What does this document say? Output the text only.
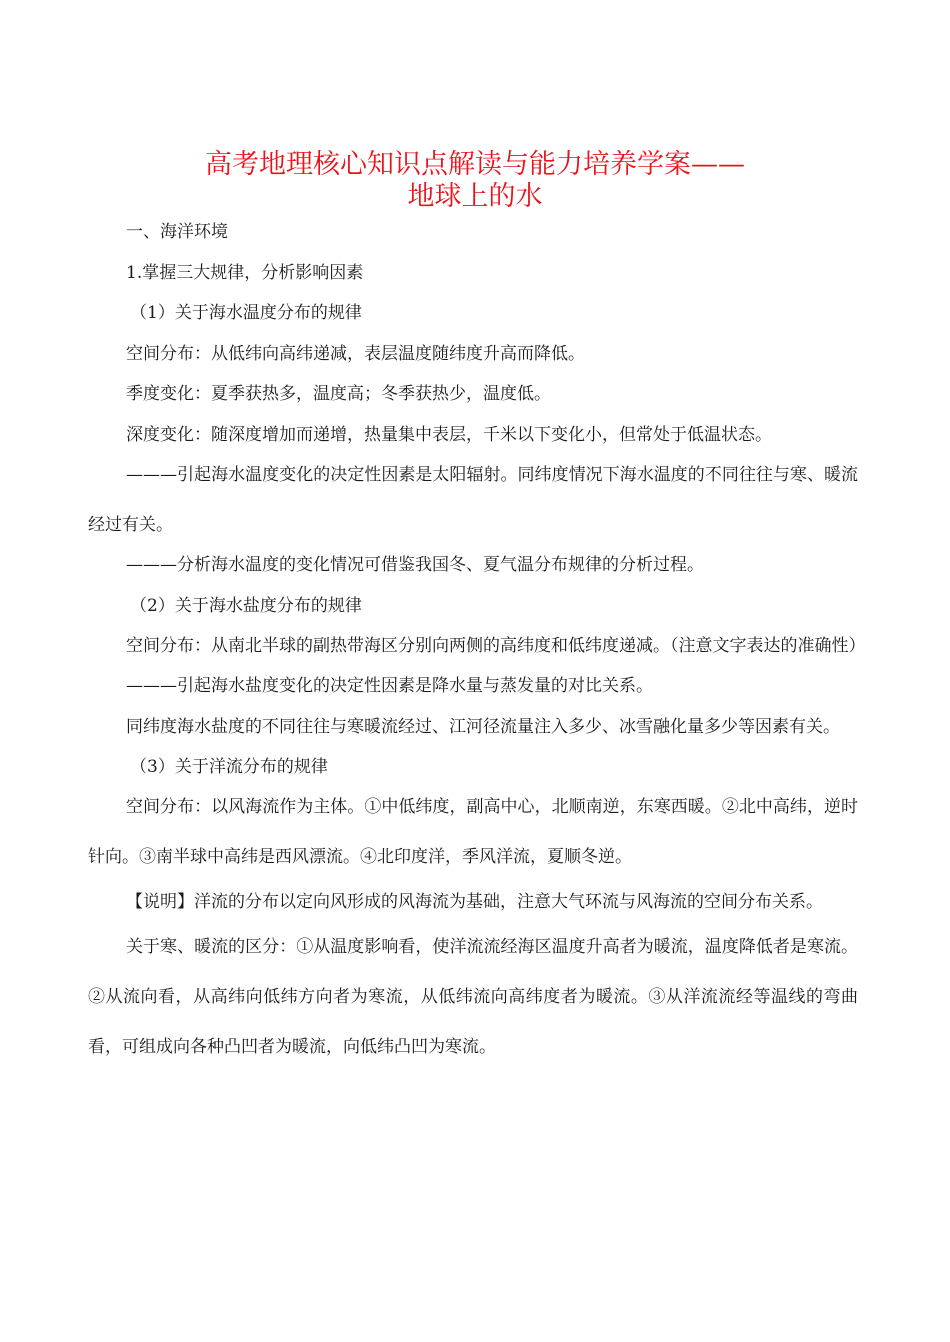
高考地理核心知识点解读与能力培养学案——
地球上的水

一、海洋环境

1.掌握三大规律，分析影响因素

（1）关于海水温度分布的规律

空间分布：从低纬向高纬递减，表层温度随纬度升高而降低。

季度变化：夏季获热多，温度高；冬季获热少，温度低。

深度变化：随深度增加而递增，热量集中表层，千米以下变化小，但常处于低温状态。

———引起海水温度变化的决定性因素是太阳辐射。同纬度情况下海水温度的不同往往与寒、暖流经过有关。

———分析海水温度的变化情况可借鉴我国冬、夏气温分布规律的分析过程。

（2）关于海水盐度分布的规律

空间分布：从南北半球的副热带海区分别向两侧的高纬度和低纬度递减。（注意文字表达的准确性）

———引起海水盐度变化的决定性因素是降水量与蒸发量的对比关系。

同纬度海水盐度的不同往往与寒暖流经过、江河径流量注入多少、冰雪融化量多少等因素有关。

（3）关于洋流分布的规律

空间分布：以风海流作为主体。①中低纬度，副高中心，北顺南逆，东寒西暖。②北中高纬，逆时针向。③南半球中高纬是西风漂流。④北印度洋，季风洋流，夏顺冬逆。

【说明】洋流的分布以定向风形成的风海流为基础，注意大气环流与风海流的空间分布关系。

关于寒、暖流的区分：①从温度影响看，使洋流流经海区温度升高者为暖流，温度降低者是寒流。②从流向看，从高纬向低纬方向者为寒流，从低纬流向高纬度者为暖流。③从洋流流经等温线的弯曲看，可组成向各种凸凹者为暖流，向低纬凸凹为寒流。
